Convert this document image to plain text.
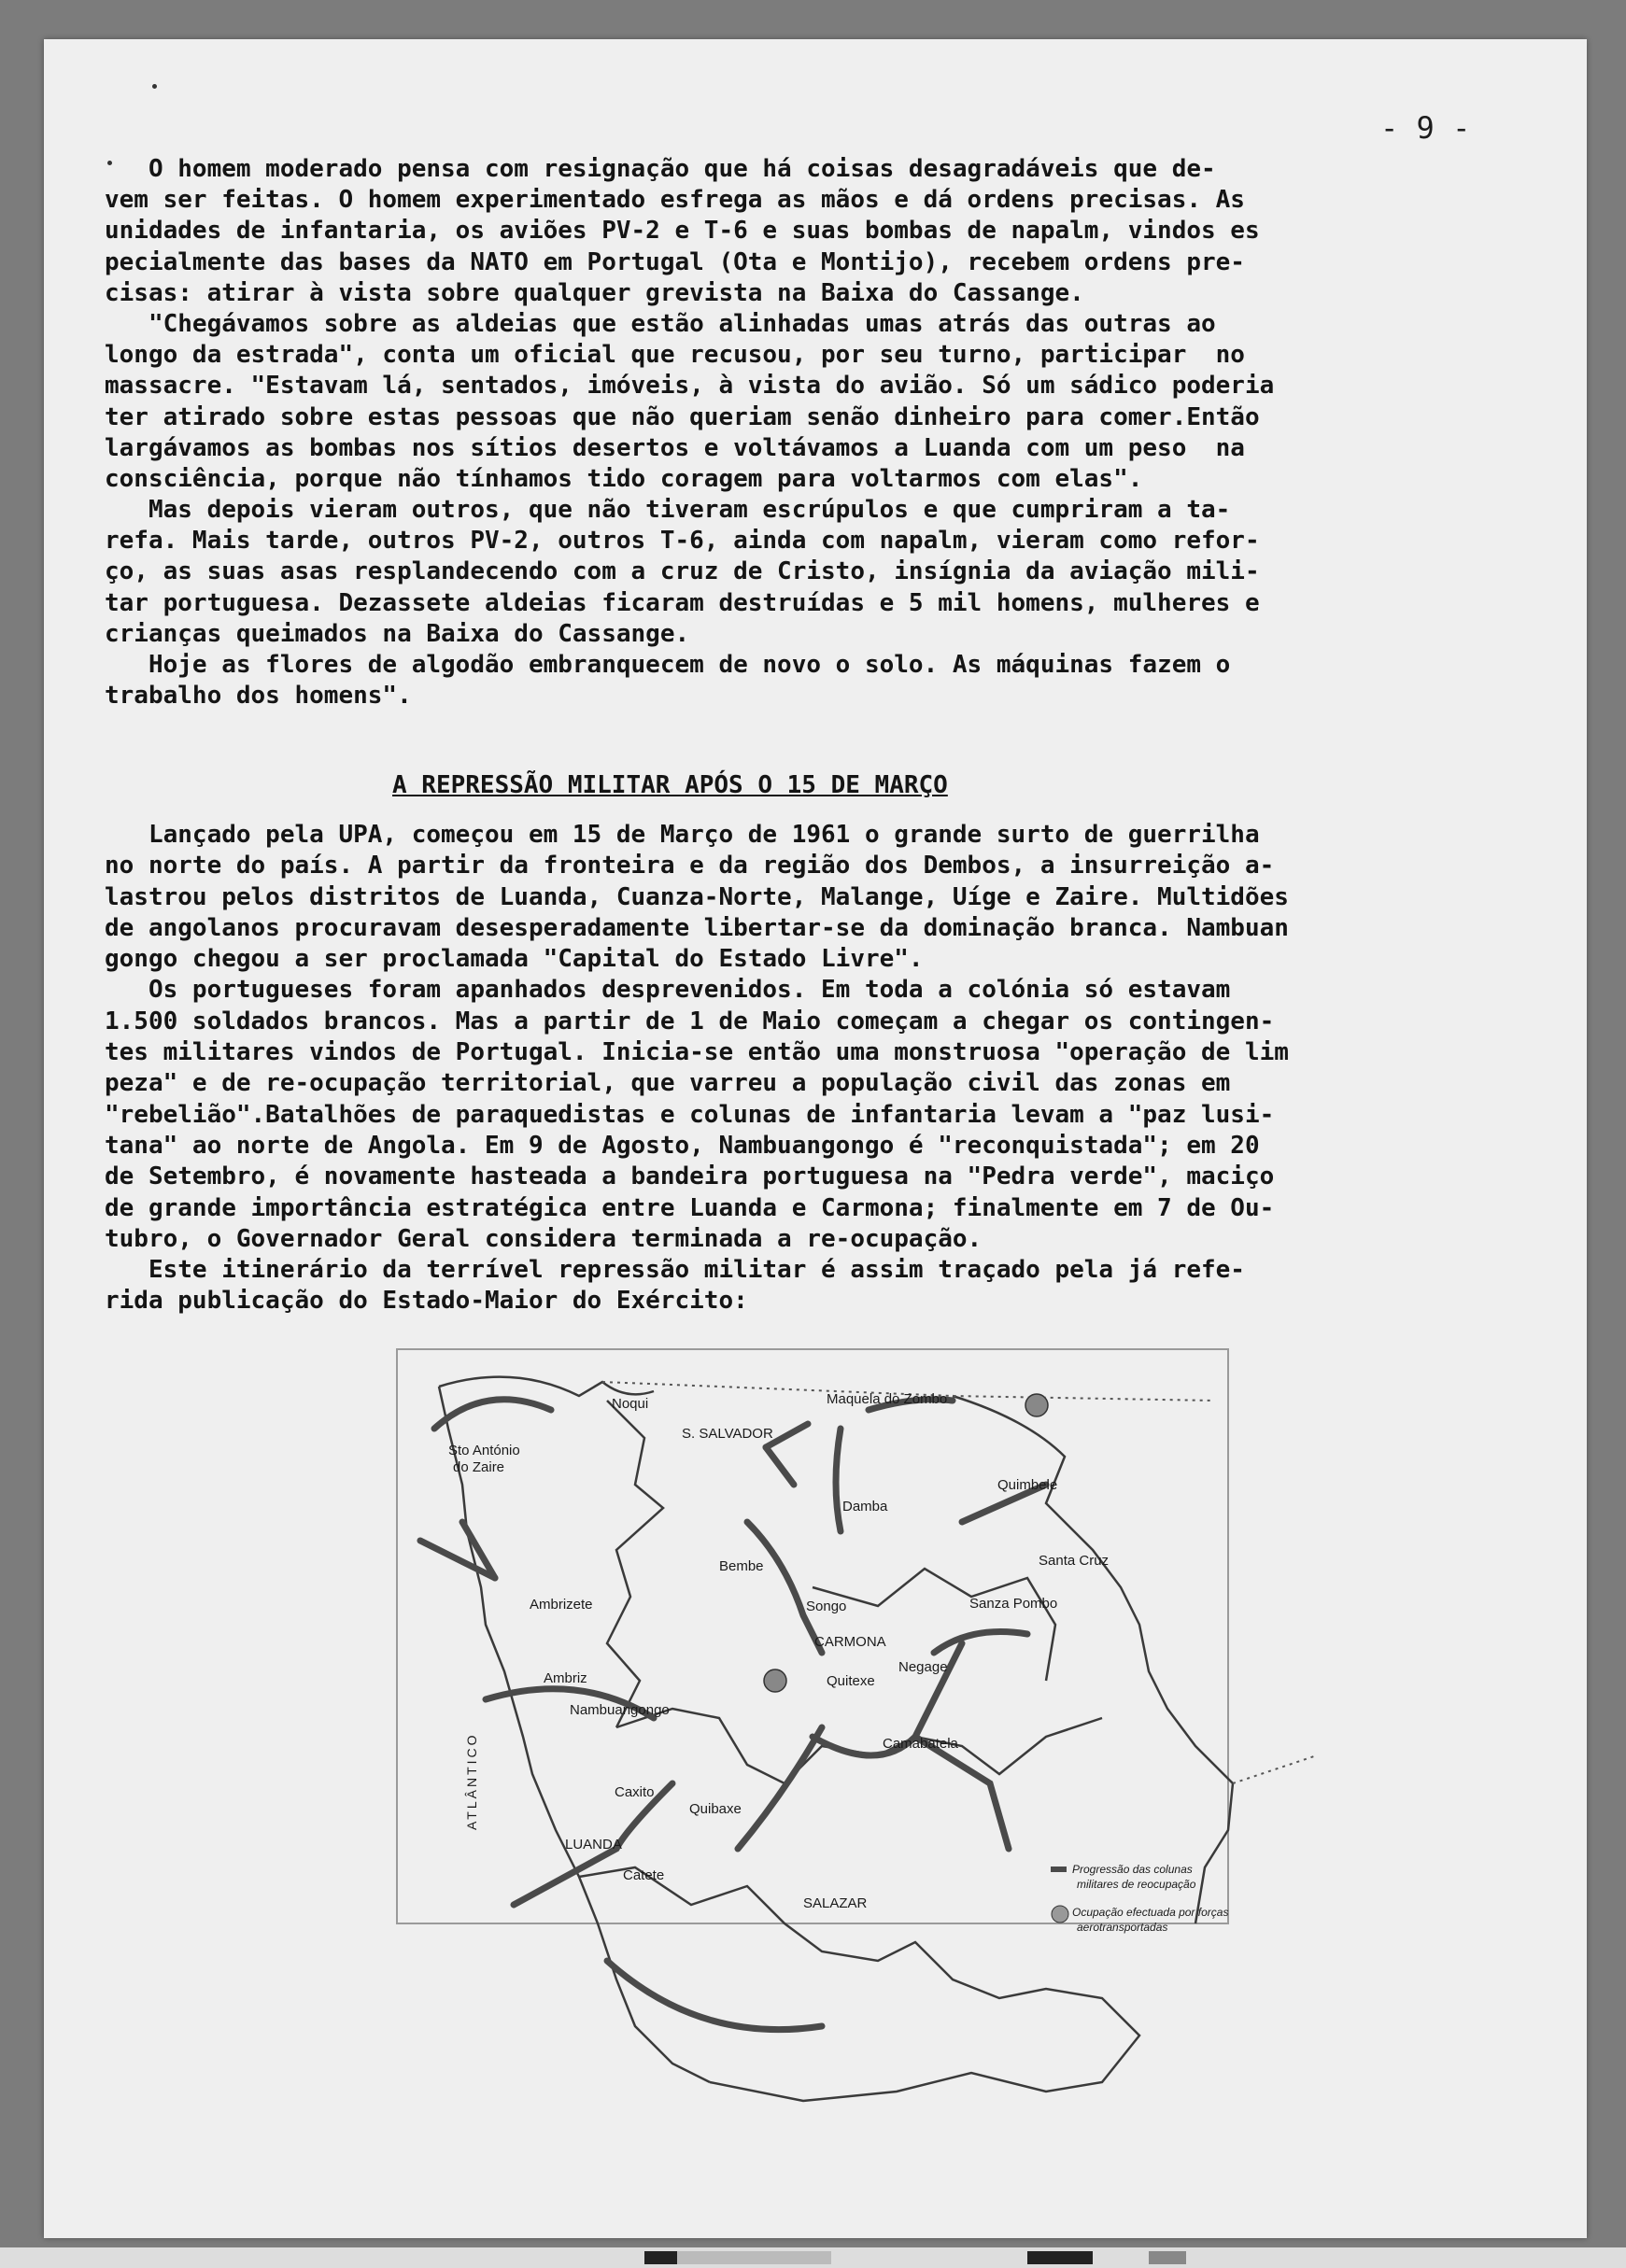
- 9 -
O homem moderado pensa com resignação que há coisas desagradáveis que de-
vem ser feitas. O homem experimentado esfrega as mãos e dá ordens precisas. As
unidades de infantaria, os aviões PV-2 e T-6 e suas bombas de napalm, vindos es
pecialmente das bases da NATO em Portugal (Ota e Montijo), recebem ordens pre-
cisas: atirar à vista sobre qualquer grevista na Baixa do Cassange.
"Chegávamos sobre as aldeias que estão alinhadas umas atrás das outras ao
longo da estrada", conta um oficial que recusou, por seu turno, participar  no
massacre. "Estavam lá, sentados, imóveis, à vista do avião. Só um sádico poderia
ter atirado sobre estas pessoas que não queriam senão dinheiro para comer.Então
largávamos as bombas nos sítios desertos e voltávamos a Luanda com um peso  na
consciência, porque não tínhamos tido coragem para voltarmos com elas".
Mas depois vieram outros, que não tiveram escrúpulos e que cumpriram a ta-
refa. Mais tarde, outros PV-2, outros T-6, ainda com napalm, vieram como refor-
ço, as suas asas resplandecendo com a cruz de Cristo, insígnia da aviação mili-
tar portuguesa. Dezassete aldeias ficaram destruídas e 5 mil homens, mulheres e
crianças queimados na Baixa do Cassange.
Hoje as flores de algodão embranquecem de novo o solo. As máquinas fazem o
trabalho dos homens".
A REPRESSÃO MILITAR APÓS O 15 DE MARÇO
Lançado pela UPA, começou em 15 de Março de 1961 o grande surto de guerrilha
no norte do país. A partir da fronteira e da região dos Dembos, a insurreição a-
lastrou pelos distritos de Luanda, Cuanza-Norte, Malange, Uíge e Zaire. Multidões
de angolanos procuravam desesperadamente libertar-se da dominação branca. Nambuan
gongo chegou a ser proclamada "Capital do Estado Livre".
Os portugueses foram apanhados desprevenidos. Em toda a colónia só estavam
1.500 soldados brancos. Mas a partir de 1 de Maio começam a chegar os contingen-
tes militares vindos de Portugal. Inicia-se então uma monstruosa "operação de lim
peza" e de re-ocupação territorial, que varreu a população civil das zonas em
"rebelião".Batalhões de paraquedistas e colunas de infantaria levam a "paz lusi-
tana" ao norte de Angola. Em 9 de Agosto, Nambuangongo é "reconquistada"; em 20
de Setembro, é novamente hasteada a bandeira portuguesa na "Pedra verde", maciço
de grande importância estratégica entre Luanda e Carmona; finalmente em 7 de Ou-
tubro, o Governador Geral considera terminada a re-ocupação.
Este itinerário da terrível repressão militar é assim traçado pela já refe-
rida publicação do Estado-Maior do Exército:
Noqui
Sto António
do Zaire
S. SALVADOR
Maquela do Zombo
Quimbele
Damba
Bembe	Santa Cruz
Ambrizete	Songo	Sanza Pombo
CARMONA
Negage
Ambriz	Quitexe
Nambuangongo
Camabatela
Caxito
Quibaxe
LUANDA
Catete
SALAZAR
ATLÂNTICO
Progressão das colunas
militares de reocupação
Ocupação efectuada por forças
aerotransportadas
